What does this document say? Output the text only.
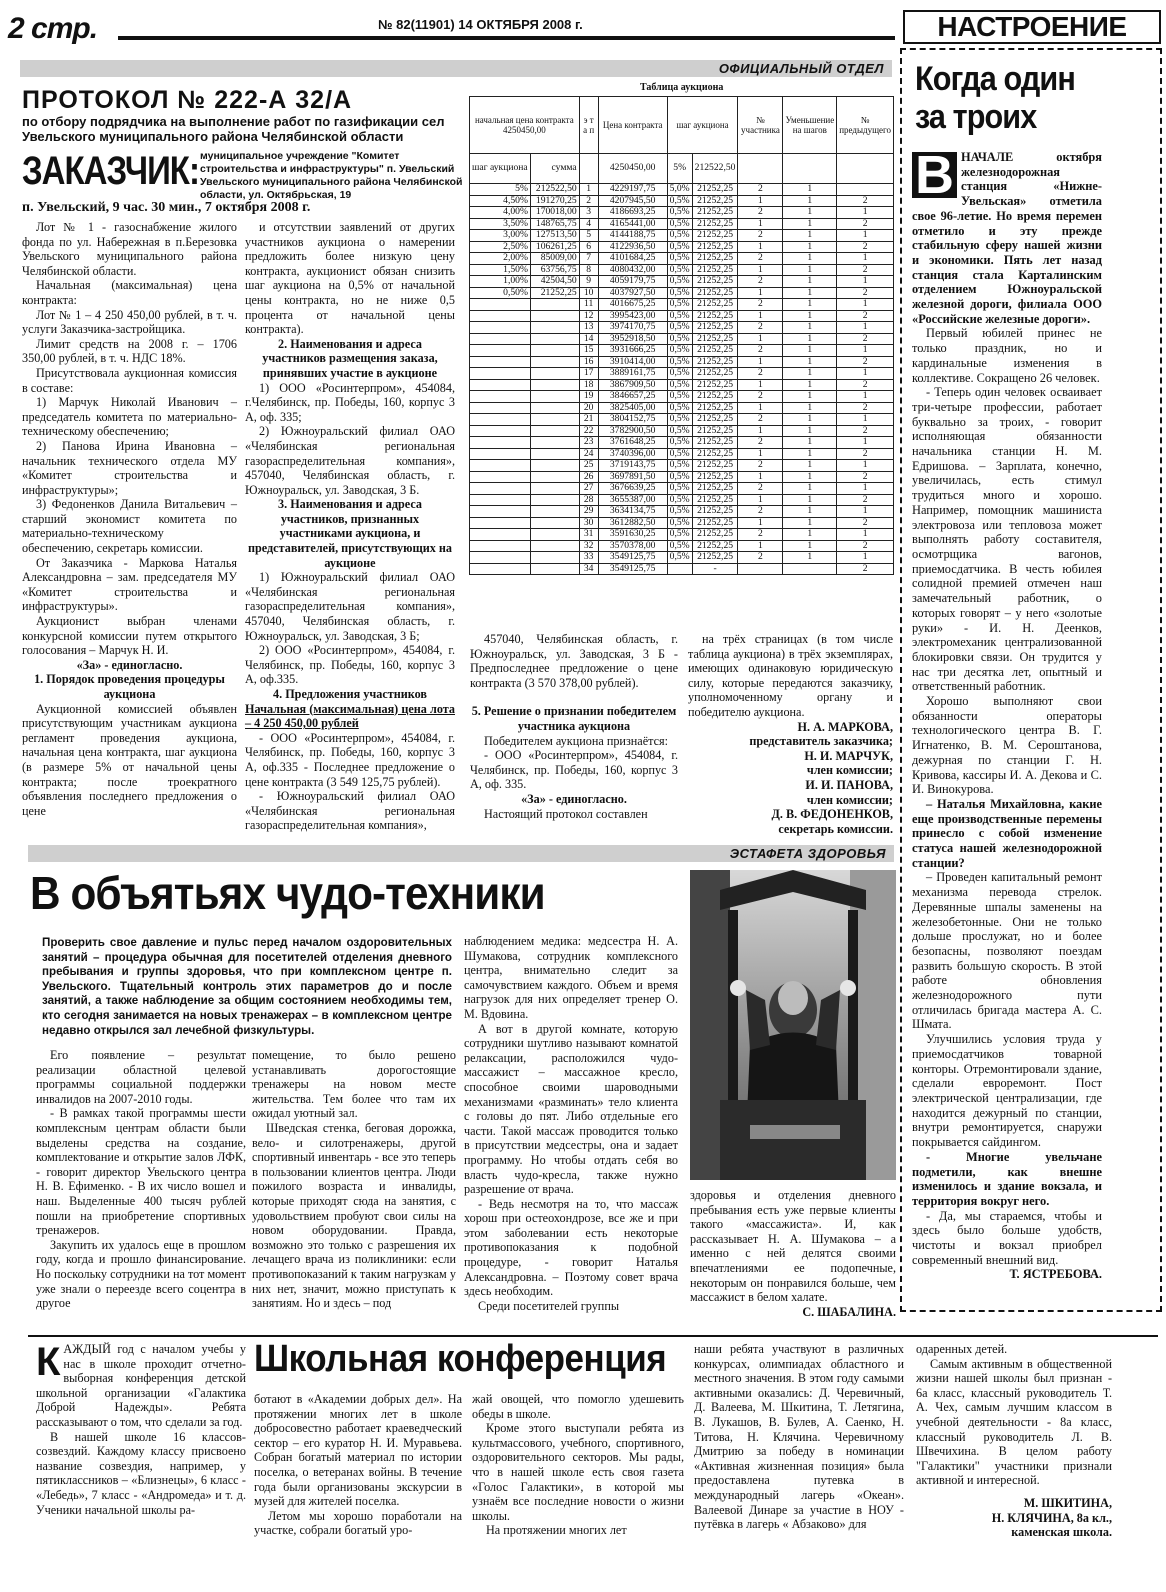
2 стр.	№ 82(11901) 14 ОКТЯБРЯ 2008 г.	НАСТРОЕНИЕ
ОФИЦИАЛЬНЫЙ ОТДЕЛ
ПРОТОКОЛ № 222-А 32/А
по отбору подрядчика на выполнение работ по газификации сел Увельского муниципального района Челябинской области
ЗАКАЗЧИК: муниципальное учреждение "Комитет строительства и инфраструктуры" п. Увельский Увельского муниципального района Челябинской области, ул. Октябрьская, 19
п. Увельский, 9 час. 30 мин., 7 октября 2008 г.

Лот № 1 - газоснабжение жилого фонда по ул. Набережная в п.Березовка Увельского муниципального района Челябинской области.

Начальная (максимальная) цена контракта:

Лот № 1 – 4 250 450,00 рублей, в т. ч. услуги Заказчика-застройщика.

Лимит средств на 2008 г. – 1706 350,00 рублей, в т. ч. НДС 18%.

Присутствовала аукционная комиссия в составе:

1) Марчук Николай Иванович – председатель комитета по материально-техническому обеспечению;

2) Панова Ирина Ивановна – начальник технического отдела МУ «Комитет строительства и инфраструктуры»;

3) Федоненков Данила Витальевич – старший экономист комитета по материально-техническому обеспечению, секретарь комиссии.

От Заказчика - Маркова Наталья Александровна – зам. председателя МУ «Комитет строительства и инфраструктуры».

Аукционист выбран членами конкурсной комиссии путем открытого голосования – Марчук Н. И.

«За» - единогласно.

1. Порядок проведения процедуры аукциона

Аукционной комиссией объявлен присутствующим участникам аукциона регламент проведения аукциона, начальная цена контракта, шаг аукциона (в размере 5% от начальной цены контракта; после троекратного объявления последнего предложения о цене

и отсутствии заявлений от других участников аукциона о намерении предложить более низкую цену контракта, аукционист обязан снизить шаг аукциона на 0,5% от начальной цены контракта, но не ниже 0,5 процента от начальной цены контракта).

2. Наименования и адреса участников размещения заказа, принявших участие в аукционе

1) ООО «Росинтерпром», 454084, г.Челябинск, пр. Победы, 160, корпус 3 А, оф. 335;

2) Южноуральский филиал ОАО «Челябинская региональная газораспределительная компания», 457040, Челябинская область, г. Южноуральск, ул. Заводская, 3 Б.

3. Наименования и адреса участников, признанных участниками аукциона, и представителей, присутствующих на аукционе

1) Южноуральский филиал ОАО «Челябинская региональная газораспределительная компания», 457040, Челябинская область, г. Южноуральск, ул. Заводская, 3 Б;

2) ООО «Росинтерпром», 454084, г. Челябинск, пр. Победы, 160, корпус 3 А, оф.335.

4. Предложения участников

Начальная (максимальная) цена лота – 4 250 450,00 рублей

- ООО «Росинтерпром», 454084, г. Челябинск, пр. Победы, 160, корпус 3 А, оф.335 - Последнее предложение о цене контракта (3 549 125,75 рублей).

- Южноуральский филиал ОАО «Челябинская региональная газораспределительная компания»,

Таблица аукциона
начальная цена контракта 4250450,00		э т а п	Цена контракта	шаг аукциона		№ участника	Уменьшение на шагов	№ предыдущего
шаг аукциона	сумма		4250450,00	5%	212522,50			
5%	212522,50	1	4229197,75	5,0%	21252,25	2	1	
4,50%	191270,25	2	4207945,50	0,5%	21252,25	1	1	2
4,00%	170018,00	3	4186693,25	0,5%	21252,25	2	1	1
3,50%	148765,75	4	4165441,00	0,5%	21252,25	1	1	2
3,00%	127513,50	5	4144188,75	0,5%	21252,25	2	1	1
2,50%	106261,25	6	4122936,50	0,5%	21252,25	1	1	2
2,00%	85009,00	7	4101684,25	0,5%	21252,25	2	1	1
1,50%	63756,75	8	4080432,00	0,5%	21252,25	1	1	2
1,00%	42504,50	9	4059179,75	0,5%	21252,25	2	1	1
0,50%	21252,25	10	4037927,50	0,5%	21252,25	1	1	2
		11	4016675,25	0,5%	21252,25	2	1	1
		12	3995423,00	0,5%	21252,25	1	1	2
		13	3974170,75	0,5%	21252,25	2	1	1
		14	3952918,50	0,5%	21252,25	1	1	2
		15	3931666,25	0,5%	21252,25	2	1	1
		16	3910414,00	0,5%	21252,25	1	1	2
		17	3889161,75	0,5%	21252,25	2	1	1
		18	3867909,50	0,5%	21252,25	1	1	2
		19	3846657,25	0,5%	21252,25	2	1	1
		20	3825405,00	0,5%	21252,25	1	1	2
		21	3804152,75	0,5%	21252,25	2	1	1
		22	3782900,50	0,5%	21252,25	1	1	2
		23	3761648,25	0,5%	21252,25	2	1	1
		24	3740396,00	0,5%	21252,25	1	1	2
		25	3719143,75	0,5%	21252,25	2	1	1
		26	3697891,50	0,5%	21252,25	1	1	2
		27	3676639,25	0,5%	21252,25	2	1	1
		28	3655387,00	0,5%	21252,25	1	1	2
		29	3634134,75	0,5%	21252,25	2	1	1
		30	3612882,50	0,5%	21252,25	1	1	2
		31	3591630,25	0,5%	21252,25	2	1	1
		32	3570378,00	0,5%	21252,25	1	1	2
		33	3549125,75	0,5%	21252,25	2	1	1
		34	3549125,75		-			2

457040, Челябинская область, г. Южноуральск, ул. Заводская, 3 Б - Предпоследнее предложение о цене контракта (3 570 378,00 рублей).

5. Решение о признании победителем участника аукциона

Победителем аукциона признаётся:

- ООО «Росинтерпром», 454084, г. Челябинск, пр. Победы, 160, корпус 3 А, оф. 335.

«За» - единогласно.

Настоящий протокол составлен

на трёх страницах (в том числе таблица аукциона) в трёх экземплярах, имеющих одинаковую юридическую силу, которые передаются заказчику, уполномоченному органу и победителю аукциона.

Н. А. МАРКОВА,

представитель заказчика;

Н. И. МАРЧУК,

член комиссии;

И. И. ПАНОВА,

член комиссии;

Д. В. ФЕДОНЕНКОВ,

секретарь комиссии.

Когда один за троих

В НАЧАЛЕ октября железнодорожная станция «Нижне-Увельская» отметила свое 96-летие. Но время перемен отметило и эту прежде стабильную сферу нашей жизни и экономики. Пять лет назад станция стала Карталинским отделением Южноуральской железной дороги, филиала ООО «Российские железные дороги».

Первый юбилей принес не только праздник, но и кардинальные изменения в коллективе. Сокращено 26 человек.

- Теперь один человек осваивает три-четыре профессии, работает буквально за троих, - говорит исполняющая обязанности начальника станции Н. М. Едришова. – Зарплата, конечно, увеличилась, есть стимул трудиться много и хорошо. Например, помощник машиниста электровоза или тепловоза может выполнять работу составителя, осмотрщика вагонов, приемосдатчика. В честь юбилея солидной премией отмечен наш замечательный работник, о которых говорят – у него «золотые руки» - И. Н. Деенков, электромеханик централизованной блокировки связи. Он трудится у нас три десятка лет, опытный и ответственный работник.

Хорошо выполняют свои обязанности операторы технологического центра В. Г. Игнатенко, В. М. Сероштанова, дежурная по станции Г. Н. Кривова, кассиры И. А. Декова и С. И. Винокурова.

– Наталья Михайловна, какие еще производственные перемены принесло с собой изменение статуса нашей железнодорожной станции?

– Проведен капитальный ремонт механизма перевода стрелок. Деревянные шпалы заменены на железобетонные. Они не только дольше прослужат, но и более безопасны, позволяют поездам развить большую скорость. В этой работе обновления железнодорожного пути отличилась бригада мастера А. С. Шмата.

Улучшились условия труда у приемосдатчиков товарной конторы. Отремонтировали здание, сделали евроремонт. Пост электрической централизации, где находится дежурный по станции, внутри ремонтируется, снаружи покрывается сайдингом.

- Многие увельчане подметили, как внешне изменилось и здание вокзала, и территория вокруг него.

- Да, мы стараемся, чтобы и здесь было больше удобств, чистоты и вокзал приобрел современный внешний вид.

Т. ЯСТРЕБОВА.

ЭСТАФЕТА ЗДОРОВЬЯ
В объятьях чудо-техники
Проверить свое давление и пульс перед началом оздоровительных занятий – процедура обычная для посетителей отделения дневного пребывания и группы здоровья, что при комплексном центре п. Увельского. Тщательный контроль этих параметров до и после занятий, а также наблюдение за общим состоянием необходимы тем, кто сегодня занимается на новых тренажерах – в комплексном центре недавно открылся зал лечебной физкультуры.

Его появление – результат реализации областной целевой программы социальной поддержки инвалидов на 2007-2010 годы.

- В рамках такой программы шести комплексным центрам области были выделены средства на создание, комплектование и открытие залов ЛФК, - говорит директор Увельского центра Н. В. Ефименко. - В их число вошел и наш. Выделенные 400 тысяч рублей пошли на приобретение спортивных тренажеров.

Закупить их удалось еще в прошлом году, когда и прошло финансирование. Но поскольку сотрудники на тот момент уже знали о переезде всего соцентра в другое

помещение, то было решено устанавливать дорогостоящие тренажеры на новом месте жительства. Тем более что там их ожидал уютный зал.

Шведская стенка, беговая дорожка, вело- и силотренажеры, другой спортивный инвентарь - все это теперь в пользовании клиентов центра. Люди пожилого возраста и инвалиды, которые приходят сюда на занятия, с удовольствием пробуют свои силы на новом оборудовании. Правда, возможно это только с разрешения их лечащего врача из поликлиники: если противопоказаний к таким нагрузкам у них нет, значит, можно приступать к занятиям. Но и здесь – под

наблюдением медика: медсестра Н. А. Шумакова, сотрудник комплексного центра, внимательно следит за самочувствием каждого. Объем и время нагрузок для них определяет тренер О. М. Вдовина.

А вот в другой комнате, которую сотрудники шутливо называют комнатой релаксации, расположился чудо-массажист – массажное кресло, способное своими шароводными механизмами «разминать» тело клиента с головы до пят. Либо отдельные его части. Такой массаж проводится только в присутствии медсестры, она и задает программу. Но чтобы отдать себя во власть чудо-кресла, также нужно разрешение от врача.

- Ведь несмотря на то, что массаж хорош при остеохондрозе, все же и при этом заболевании есть некоторые противопоказания к подобной процедуре, - говорит Наталья Александровна. – Поэтому совет врача здесь необходим.

Среди посетителей группы

здоровья и отделения дневного пребывания есть уже первые клиенты такого «массажиста». И, как рассказывает Н. А. Шумакова – а именно с ней делятся своими впечатлениями ее подопечные, некоторым он понравился больше, чем массажист в белом халате.

С. ШАБАЛИНА.

КАЖДЫЙ год с началом учебы у нас в школе проходит отчетно-выборная конференция детской школьной организации «Галактика Доброй Надежды». Ребята рассказывают о том, что сделали за год.

В нашей школе 16 классов-созвездий. Каждому классу присвоено название созвездия, например, у пятиклассников – «Близнецы», 6 класс - «Лебедь», 7 класс - «Андромеда» и т. д. Ученики начальной школы ра-

Школьная конференция

ботают в «Академии добрых дел». На протяжении многих лет в школе добросовестно работает краеведческий сектор – его куратор Н. И. Муравьева. Собран богатый материал по истории поселка, о ветеранах войны. В течение года были организованы экскурсии в музей для жителей поселка.

Летом мы хорошо поработали на участке, собрали богатый уро-

жай овощей, что помогло удешевить обеды в школе.

Кроме этого выступали ребята из культмассового, учебного, спортивного, оздоровительного секторов. Мы рады, что в нашей школе есть своя газета «Голос Галактики», в которой мы узнаём все последние новости о жизни школы.

На протяжении многих лет

наши ребята участвуют в различных конкурсах, олимпиадах областного и местного значения. В этом году самыми активными оказались: Д. Черевичный, Д. Валеева, М. Шкитина, Т. Летягина, В. Лукашов, В. Булев, А. Саенко, Н. Титова, Н. Клячина. Черевичному Дмитрию за победу в номинации «Активная жизненная позиция» была предоставлена путевка в международный лагерь «Океан». Валеевой Динаре за участие в НОУ - путёвка в лагерь « Абзаково» для

одаренных детей.

Самым активным в общественной жизни нашей школы был признан - 6а класс, классный руководитель Т. А. Чех, самым лучшим классом в учебной деятельности - 8а класс, классный руководитель Л. В. Швечихина. В целом работу "Галактики" участники признали активной и интересной.

М. ШКИТИНА,

Н. КЛЯЧИНА, 8а кл.,

каменская школа.
